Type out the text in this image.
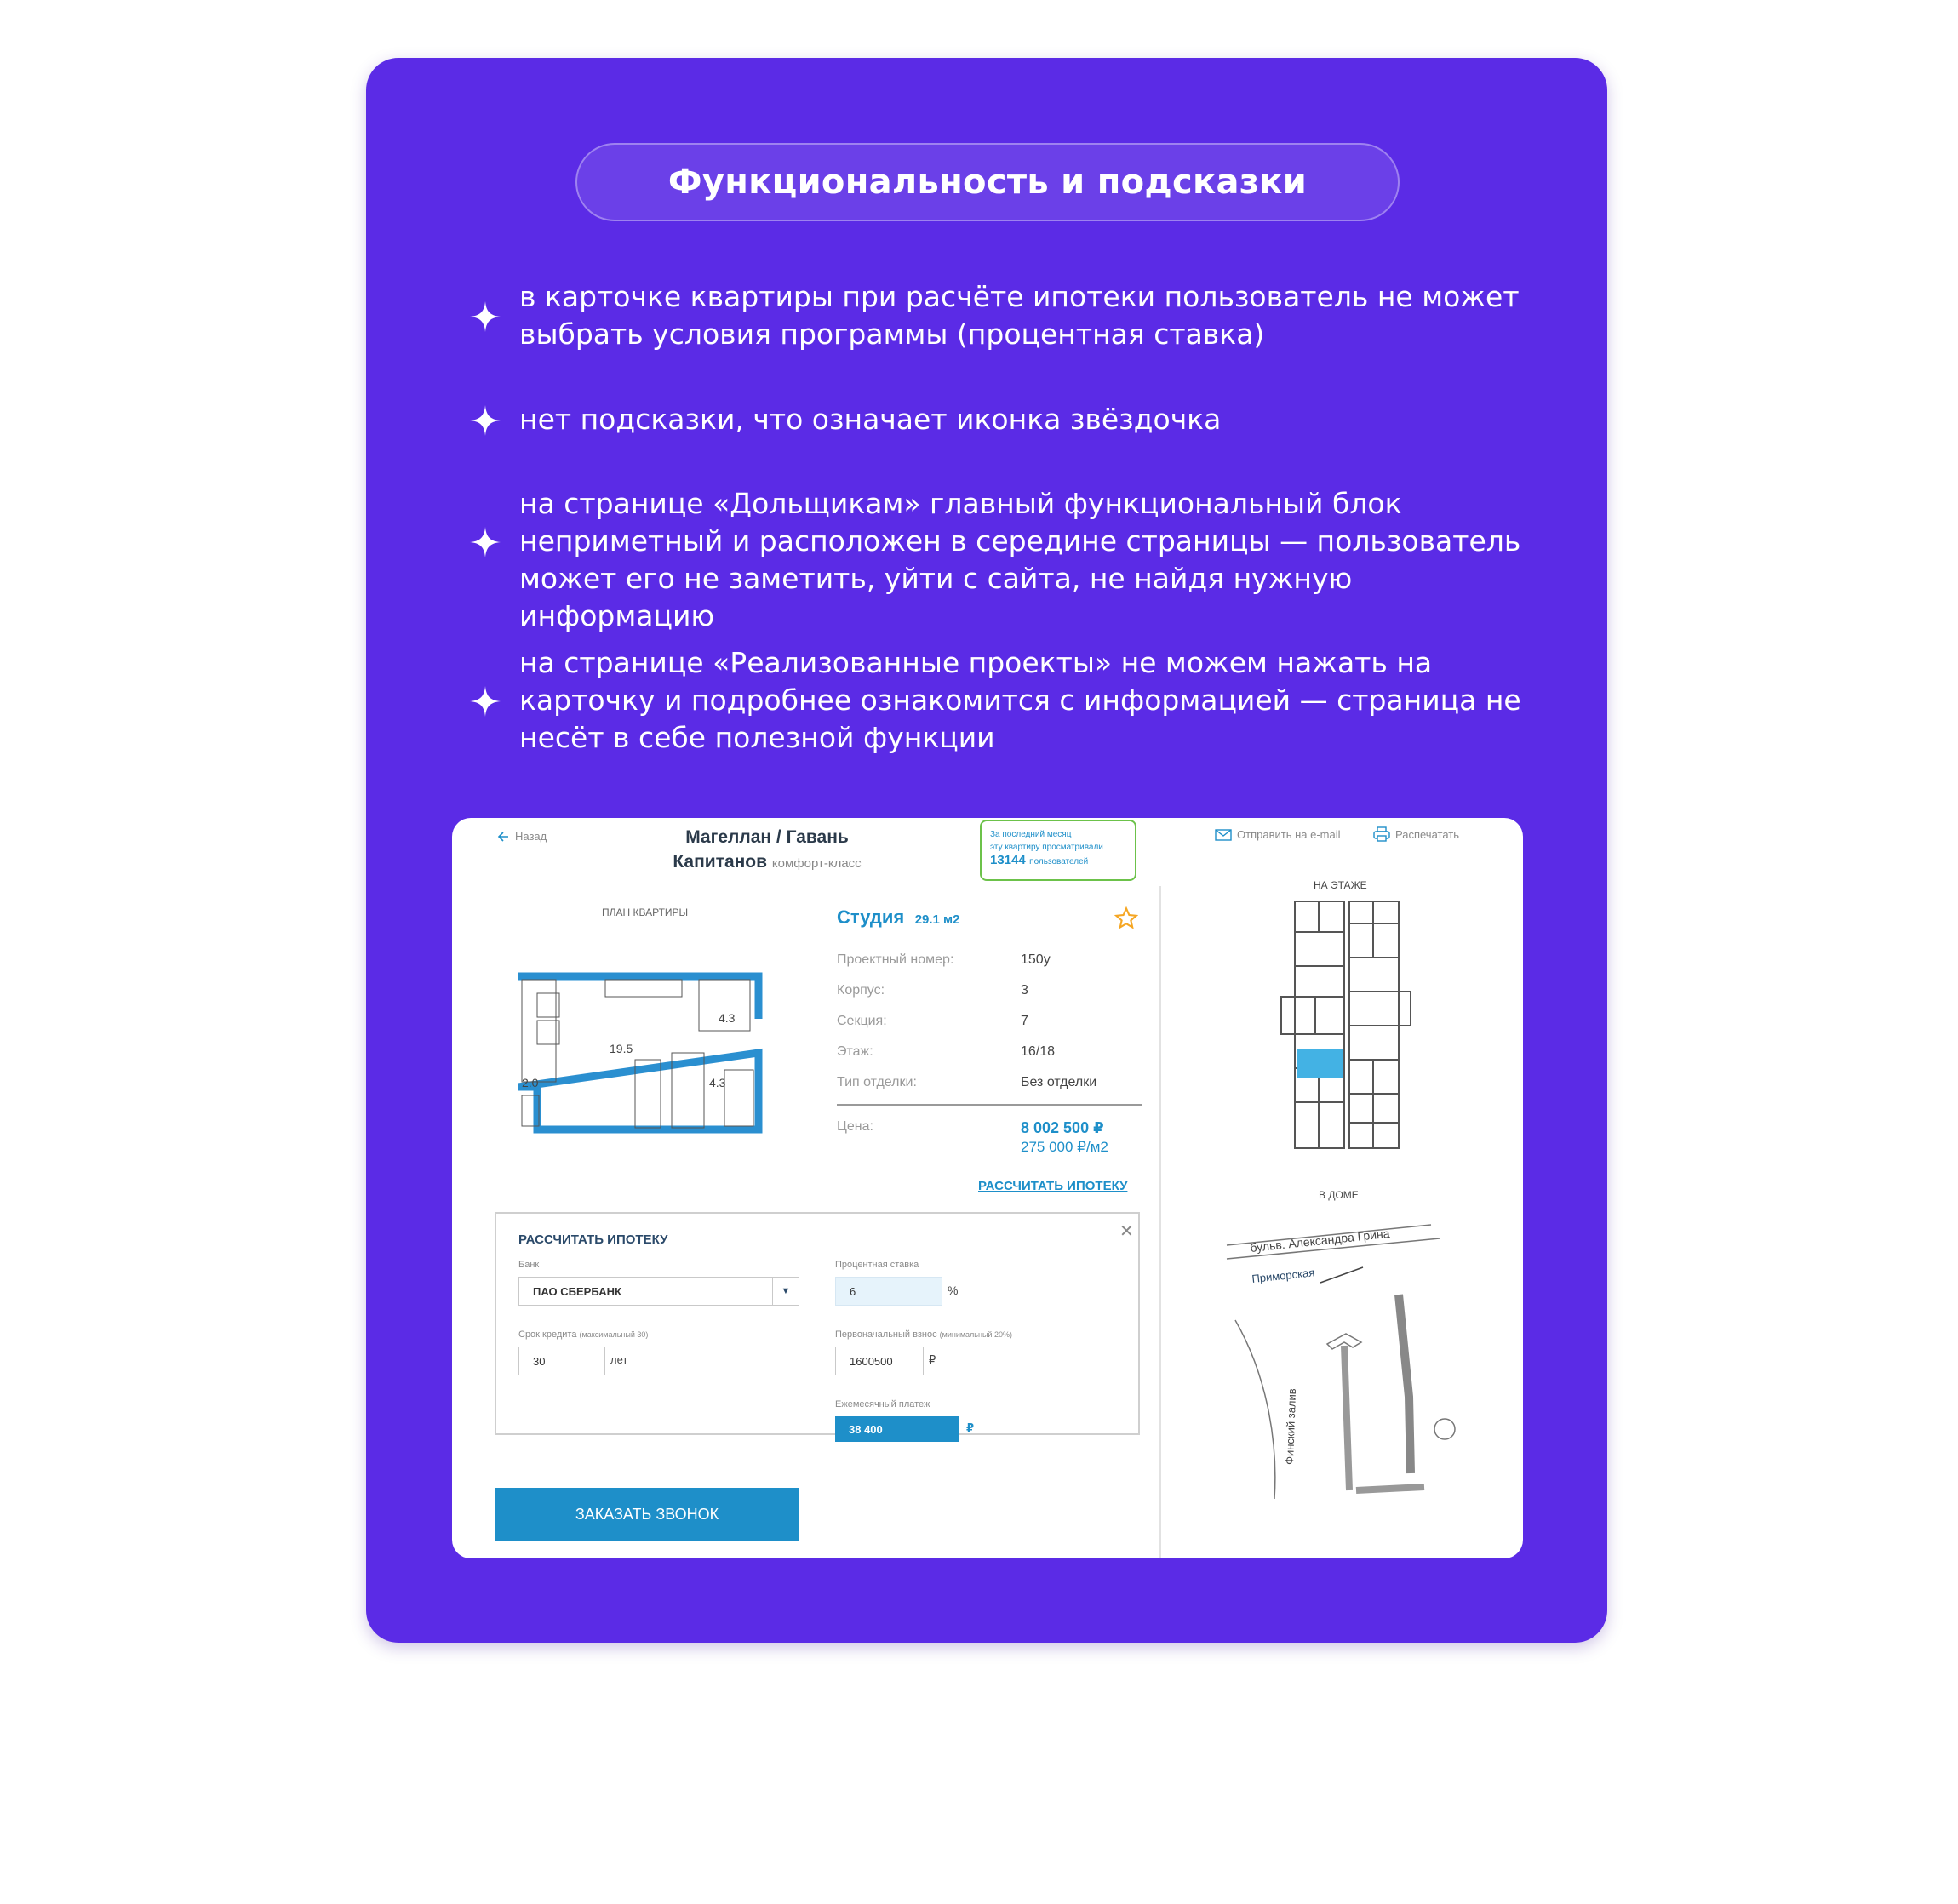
Функциональность и подсказки
в карточке квартиры при расчёте ипотеки пользователь не может выбрать условия программы (процентная ставка)
нет подсказки, что означает иконка звёздочка
на странице «Дольщикам» главный функциональный блок неприметный и расположен в середине страницы — пользователь может его не заметить, уйти с сайта, не найдя нужную информацию
на странице «Реализованные проекты» не можем нажать на карточку и подробнее ознакомится с информацией — страница не несёт в себе полезной функции
Назад	Магеллан / Гавань
Капитанов комфорт-класс
За последний месяц
эту квартиру просматривали
13144 пользователей
Отправить на e-mail	Распечатать
ПЛАН КВАРТИРЫ
19.5
4.3
4.3
2.0
Студия 29.1 м2
Проектный номер:	150у
Корпус:	3
Секция:	7
Этаж:	16/18
Тип отделки:	Без отделки
Цена:	8 002 500 ₽
275 000 ₽/м2
РАССЧИТАТЬ ИПОТЕКУ
РАССЧИТАТЬ ИПОТЕКУ	✕
Банк
ПАО СБЕРБАНК	▼
Процентная ставка
6	%
Срок кредита (максимальный 30)
30	лет
Первоначальный взнос (минимальный 20%)
1600500	₽
Ежемесячный платеж
38 400	₽
ЗАКАЗАТЬ ЗВОНОК
НА ЭТАЖЕ
В ДОМЕ
бульв. Александра Грина
Приморская
Финский залив
